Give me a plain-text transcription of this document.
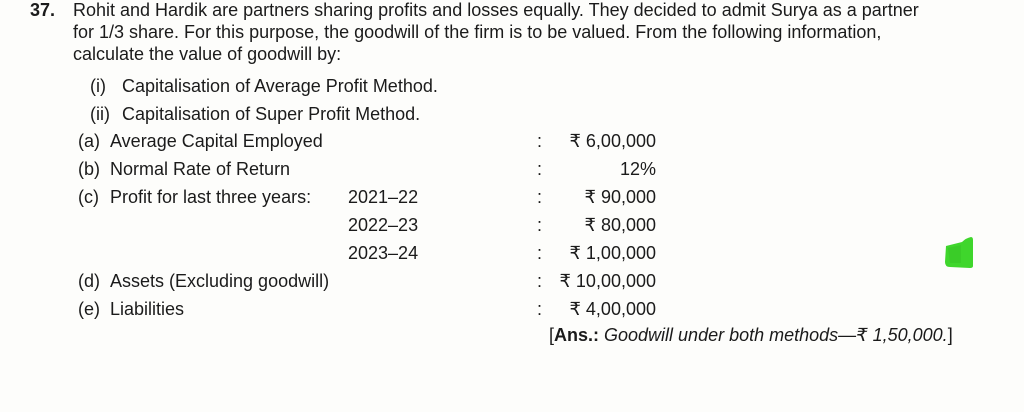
37. Rohit and Hardik are partners sharing profits and losses equally. They decided to admit Surya as a partner
for 1/3 share. For this purpose, the goodwill of the firm is to be valued. From the following information,
calculate the value of goodwill by:
(i) Capitalisation of Average Profit Method.
(ii) Capitalisation of Super Profit Method.
(a) Average Capital Employed	: ₹ 6,00,000
(b) Normal Rate of Return	:	12%
(c) Profit for last three years: 2021–22	: ₹ 90,000
2022–23	: ₹ 80,000
2023–24	: ₹ 1,00,000
(d) Assets (Excluding goodwill)	: ₹ 10,00,000
(e) Liabilities	: ₹ 4,00,000
[Ans.: Goodwill under both methods—₹ 1,50,000.]
